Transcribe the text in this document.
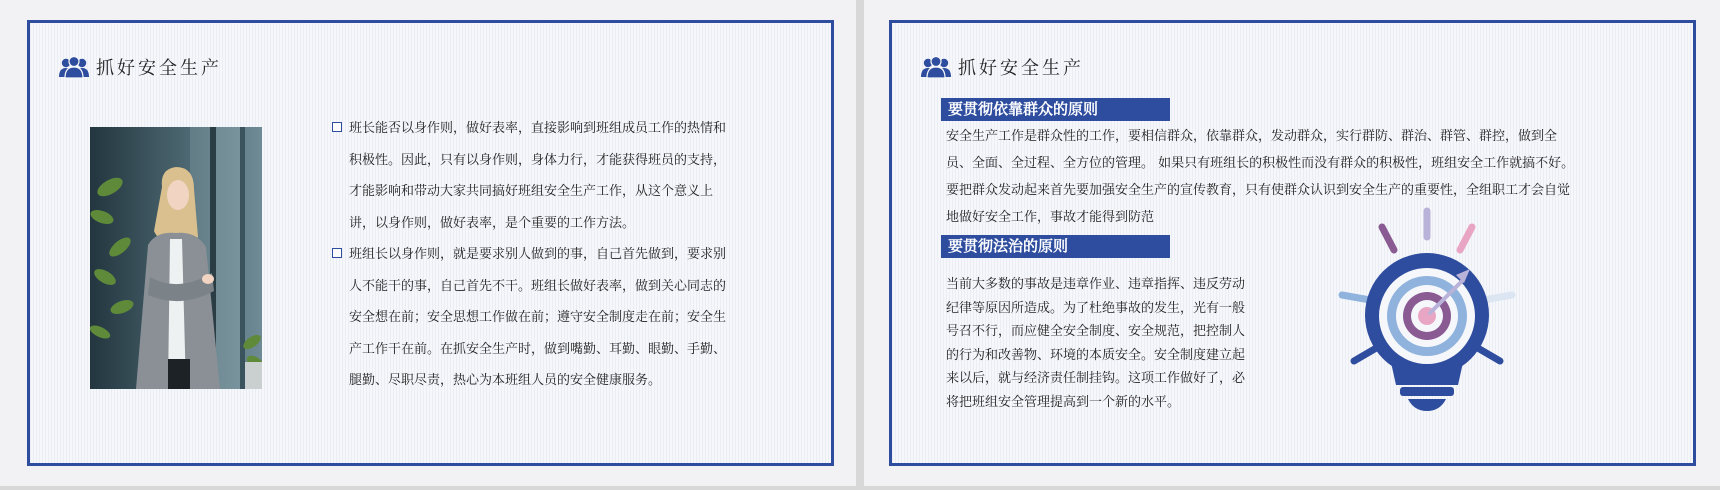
抓好安全生产

班长能否以身作则，做好表率，直接影响到班组成员工作的热情和积极性。因此，只有以身作则，身体力行，才能获得班员的支持，才能影响和带动大家共同搞好班组安全生产工作，从这个意义上讲，以身作则，做好表率，是个重要的工作方法。

班组长以身作则，就是要求别人做到的事，自己首先做到，要求别人不能干的事，自己首先不干。班组长做好表率，做到关心同志的安全想在前；安全思想工作做在前；遵守安全制度走在前；安全生产工作干在前。在抓安全生产时，做到嘴勤、耳勤、眼勤、手勤、腿勤、尽职尽责，热心为本班组人员的安全健康服务。

抓好安全生产
要贯彻依靠群众的原则

安全生产工作是群众性的工作，要相信群众，依靠群众，发动群众，实行群防、群治、群管、群控，做到全员、全面、全过程、全方位的管理。 如果只有班组长的积极性而没有群众的积极性，班组安全工作就搞不好。要把群众发动起来首先要加强安全生产的宣传教育，只有使群众认识到安全生产的重要性，全组职工才会自觉地做好安全工作，事故才能得到防范

要贯彻法治的原则

当前大多数的事故是违章作业、违章指挥、违反劳动纪律等原因所造成。为了杜绝事故的发生，光有一般号召不行，而应健全安全制度、安全规范，把控制人的行为和改善物、环境的本质安全。安全制度建立起来以后，就与经济责任制挂钩。这项工作做好了，必将把班组安全管理提高到一个新的水平。
